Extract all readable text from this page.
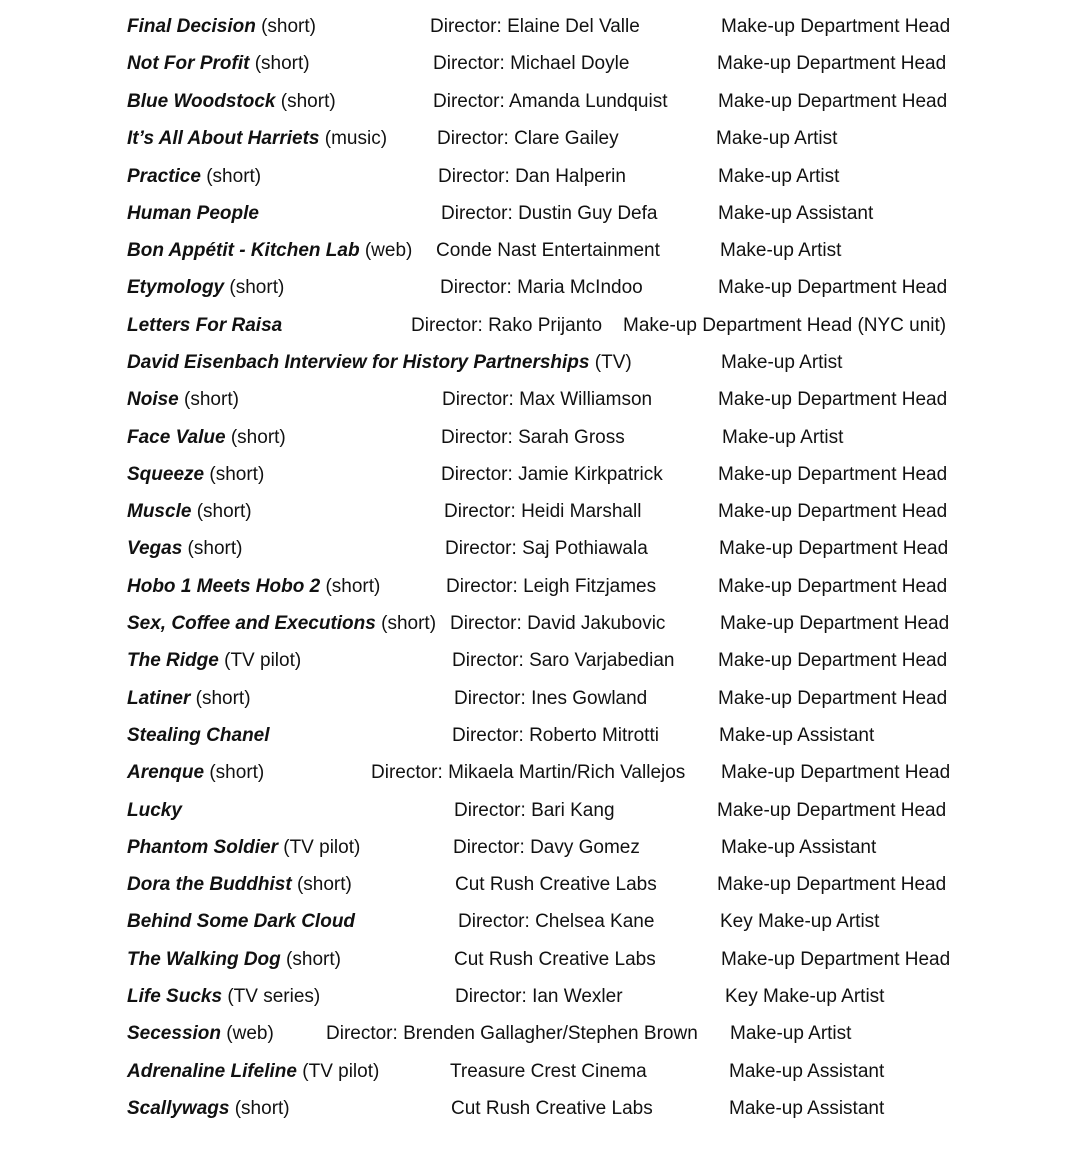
Final Decision (short)	Director: Elaine Del Valle	Make-up Department Head
Not For Profit (short)	Director: Michael Doyle	Make-up Department Head
Blue Woodstock (short)	Director: Amanda Lundquist	Make-up Department Head
It’s All About Harriets (music)	Director: Clare Gailey	Make-up Artist
Practice (short)	Director: Dan Halperin	Make-up Artist
Human People	Director: Dustin Guy Defa	Make-up Assistant
Bon Appétit - Kitchen Lab (web) Conde Nast Entertainment	Make-up Artist
Etymology (short)	Director: Maria McIndoo	Make-up Department Head
Letters For Raisa	Director: Rako Prijanto Make-up Department Head (NYC unit)
David Eisenbach Interview for History Partnerships (TV)	Make-up Artist
Noise (short)	Director: Max Williamson	Make-up Department Head
Face Value (short)	Director: Sarah Gross	Make-up Artist
Squeeze (short)	Director: Jamie Kirkpatrick	Make-up Department Head
Muscle (short)	Director: Heidi Marshall	Make-up Department Head
Vegas (short)	Director: Saj Pothiawala	Make-up Department Head
Hobo 1 Meets Hobo 2 (short)	Director: Leigh Fitzjames	Make-up Department Head
Sex, Coffee and Executions (short) Director: David Jakubovic	Make-up Department Head
The Ridge (TV pilot)	Director: Saro Varjabedian Make-up Department Head
Latiner (short)	Director: Ines Gowland	Make-up Department Head
Stealing Chanel	Director: Roberto Mitrotti	Make-up Assistant
Arenque (short)	Director: Mikaela Martin/Rich Vallejos Make-up Department Head
Lucky	Director: Bari Kang	Make-up Department Head
Phantom Soldier (TV pilot)	Director: Davy Gomez	Make-up Assistant
Dora the Buddhist (short)	Cut Rush Creative Labs	Make-up Department Head
Behind Some Dark Cloud	Director: Chelsea Kane	Key Make-up Artist
The Walking Dog (short)	Cut Rush Creative Labs	Make-up Department Head
Life Sucks (TV series)	Director: Ian Wexler	Key Make-up Artist
Secession (web)	Director: Brenden Gallagher/Stephen Brown Make-up Artist
Adrenaline Lifeline (TV pilot)	Treasure Crest Cinema	Make-up Assistant
Scallywags (short)	Cut Rush Creative Labs	Make-up Assistant
